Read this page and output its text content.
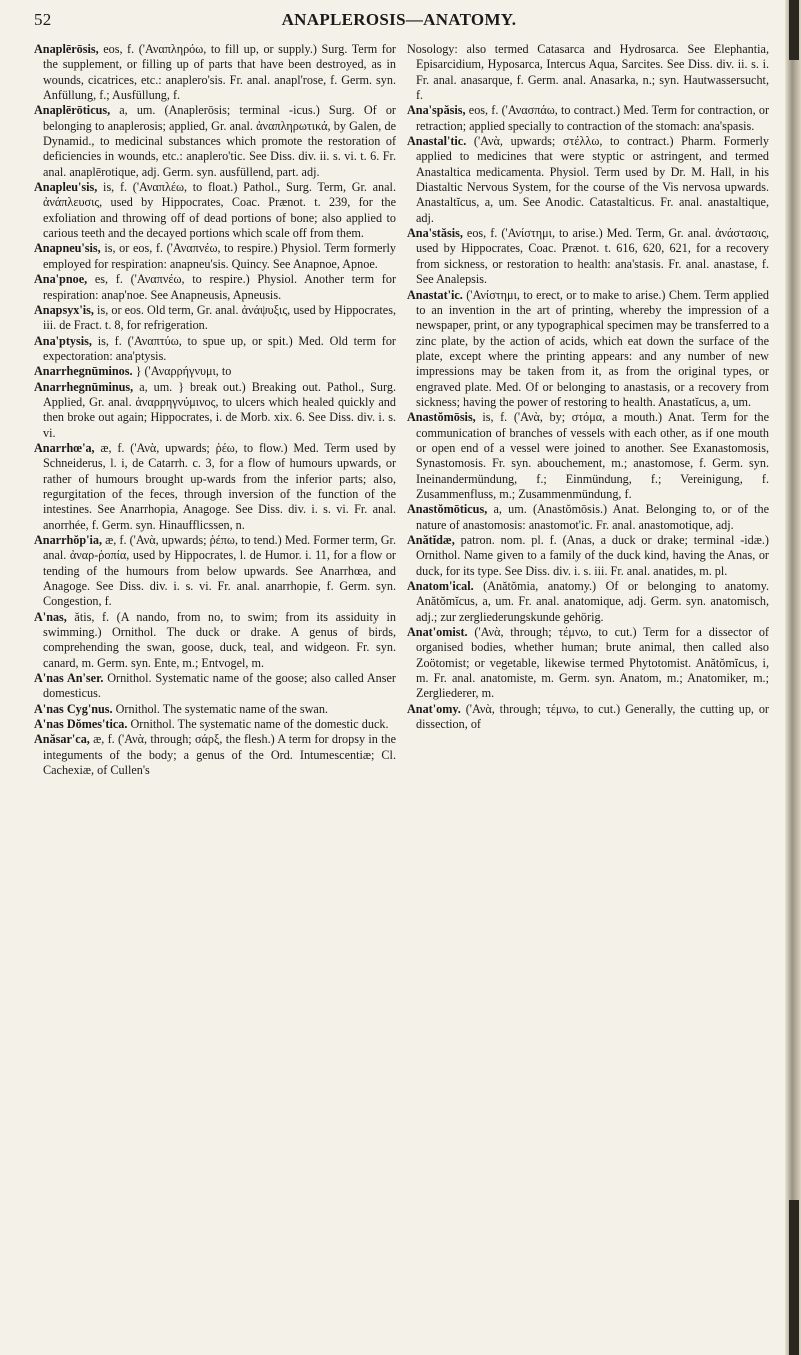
52	ANAPLEROSIS—ANATOMY.

Anaplērōsis, eos, f. ('Αναπληρόω, to fill up, or supply.) Surg. Term for the supplement, or filling up of parts that have been destroyed, as in wounds, cicatrices, etc.: anaplero'sis. Fr. anal. anapl'rose, f. Germ. syn. Anfüllung, f.; Ausfüllung, f.

Anaplērōticus, a, um. (Anaplerōsis; terminal -icus.) Surg. Of or belonging to anaplerosis; applied, Gr. anal. ἀναπληρωτικά, by Galen, de Dynamid., to medicinal substances which promote the restoration of deficiencies in wounds, etc.: anaplero'tic. See Diss. div. ii. s. vi. t. 6. Fr. anal. anaplērotique, adj. Germ. syn. ausfüllend, part. adj.

Anapleu'sis, is, f. ('Αναπλέω, to float.) Pathol., Surg. Term, Gr. anal. ἀνάπλευσις, used by Hippocrates, Coac. Prænot. t. 239, for the exfoliation and throwing off of dead portions of bone; also applied to carious teeth and the decayed portions which scale off from them.

Anapneu'sis, is, or eos, f. ('Αναπνέω, to respire.) Physiol. Term formerly employed for respiration: anapneu'sis. Quincy. See Anapnoe, Apnoe.

Ana'pnoe, es, f. ('Αναπνέω, to respire.) Physiol. Another term for respiration: anap'noe. See Anapneusis, Apneusis.

Anapsyx'is, is, or eos. Old term, Gr. anal. ἀνάψυξις, used by Hippocrates, iii. de Fract. t. 8, for refrigeration.

Ana'ptysis, is, f. ('Αναπτύω, to spue up, or spit.) Med. Old term for expectoration: ana'ptysis.

Anarrhegnūminos. } ('Αναρρήγνυμι, to

Anarrhegnūminus, a, um. } break out.) Breaking out. Pathol., Surg. Applied, Gr. anal. ἀναρρηγνύμινος, to ulcers which healed quickly and then broke out again; Hippocrates, i. de Morb. xix. 6. See Diss. div. i. s. vi.

Anarrhœ'a, æ, f. ('Ανὰ, upwards; ῥέω, to flow.) Med. Term used by Schneiderus, l. i, de Catarrh. c. 3, for a flow of humours upwards, or rather of humours brought up-wards from the inferior parts; also, regurgitation of the feces, through inversion of the function of the intestines. See Anarrhopia, Anagoge. See Diss. div. i. s. vi. Fr. anal. anorrhée, f. Germ. syn. Hinaufflicssen, n.

Anarrhŏp'ia, æ, f. ('Ανὰ, upwards; ῥέπω, to tend.) Med. Former term, Gr. anal. ἀναρ-ῥοπία, used by Hippocrates, l. de Humor. i. 11, for a flow or tending of the humours from below upwards. See Anarrhœa, and Anagoge. See Diss. div. i. s. vi. Fr. anal. anarrhopie, f. Germ. syn. Congestion, f.

A'nas, ătis, f. (A nando, from no, to swim; from its assiduity in swimming.) Ornithol. The duck or drake. A genus of birds, comprehending the swan, goose, duck, teal, and widgeon. Fr. syn. canard, m. Germ. syn. Ente, m.; Entvogel, m.

A'nas An'ser. Ornithol. Systematic name of the goose; also called Anser domesticus.

A'nas Cyg'nus. Ornithol. The systematic name of the swan.

A'nas Dŏmes'tica. Ornithol. The systematic name of the domestic duck.

Anăsar'ca, æ, f. ('Ανὰ, through; σάρξ, the flesh.) A term for dropsy in the integuments of the body; a genus of the Ord. Intumescentiæ; Cl. Cachexiæ, of Cullen's

Nosology: also termed Catasarca and Hydrosarca. See Elephantia, Episarcidium, Hyposarca, Intercus Aqua, Sarcites. See Diss. div. ii. s. i. Fr. anal. anasarque, f. Germ. anal. Anasarka, n.; syn. Hautwassersucht, f.

Ana'spăsis, eos, f. ('Ανασπάω, to contract.) Med. Term for contraction, or retraction; applied specially to contraction of the stomach: ana'spasis.

Anastal'tic. ('Ανὰ, upwards; στέλλω, to contract.) Pharm. Formerly applied to medicines that were styptic or astringent, and termed Anastaltica medicamenta. Physiol. Term used by Dr. M. Hall, in his Diastaltic Nervous System, for the course of the Vis nervosa upwards. Anastaltĭcus, a, um. See Anodic. Catastalticus. Fr. anal. anastaltique, adj.

Ana'stăsis, eos, f. ('Ανίστημι, to arise.) Med. Term, Gr. anal. ἀνάστασις, used by Hippocrates, Coac. Prænot. t. 616, 620, 621, for a recovery from sickness, or restoration to health: ana'stasis. Fr. anal. anastase, f. See Analepsis.

Anastat'ic. ('Ανίστημι, to erect, or to make to arise.) Chem. Term applied to an invention in the art of printing, whereby the impression of a newspaper, print, or any typographical specimen may be transferred to a zinc plate, by the action of acids, which eat down the surface of the plate, except where the printing appears: and any number of new impressions may be taken from it, as from the original types, or engraved plate. Med. Of or belonging to anastasis, or a recovery from sickness; having the power of restoring to health. Anastatĭcus, a, um.

Anastŏmōsis, is, f. ('Ανὰ, by; στόμα, a mouth.) Anat. Term for the communication of branches of vessels with each other, as if one mouth or open end of a vessel were joined to another. See Exanastomosis, Synastomosis. Fr. syn. abouchement, m.; anastomose, f. Germ. syn. Ineinandermündung, f.; Einmündung, f.; Vereinigung, f. Zusammenfluss, m.; Zusammenmündung, f.

Anastŏmōticus, a, um. (Anastŏmōsis.) Anat. Belonging to, or of the nature of anastomosis: anastomot'ic. Fr. anal. anastomotique, adj.

Anătĭdæ, patron. nom. pl. f. (Anas, a duck or drake; terminal -idæ.) Ornithol. Name given to a family of the duck kind, having the Anas, or duck, for its type. See Diss. div. i. s. iii. Fr. anal. anatides, m. pl.

Anatom'ical. (Anătŏmia, anatomy.) Of or belonging to anatomy. Anătŏmĭcus, a, um. Fr. anal. anatomique, adj. Germ. syn. anatomisch, adj.; zur zergliederungskunde gehörig.

Anat'omist. ('Ανὰ, through; τέμνω, to cut.) Term for a dissector of organised bodies, whether human; brute animal, then called also Zoötomist; or vegetable, likewise termed Phytotomist. Anătŏmĭcus, i, m. Fr. anal. anatomiste, m. Germ. syn. Anatom, m.; Anatomiker, m.; Zergliederer, m.

Anat'omy. ('Ανὰ, through; τέμνω, to cut.) Generally, the cutting up, or dissection, of
